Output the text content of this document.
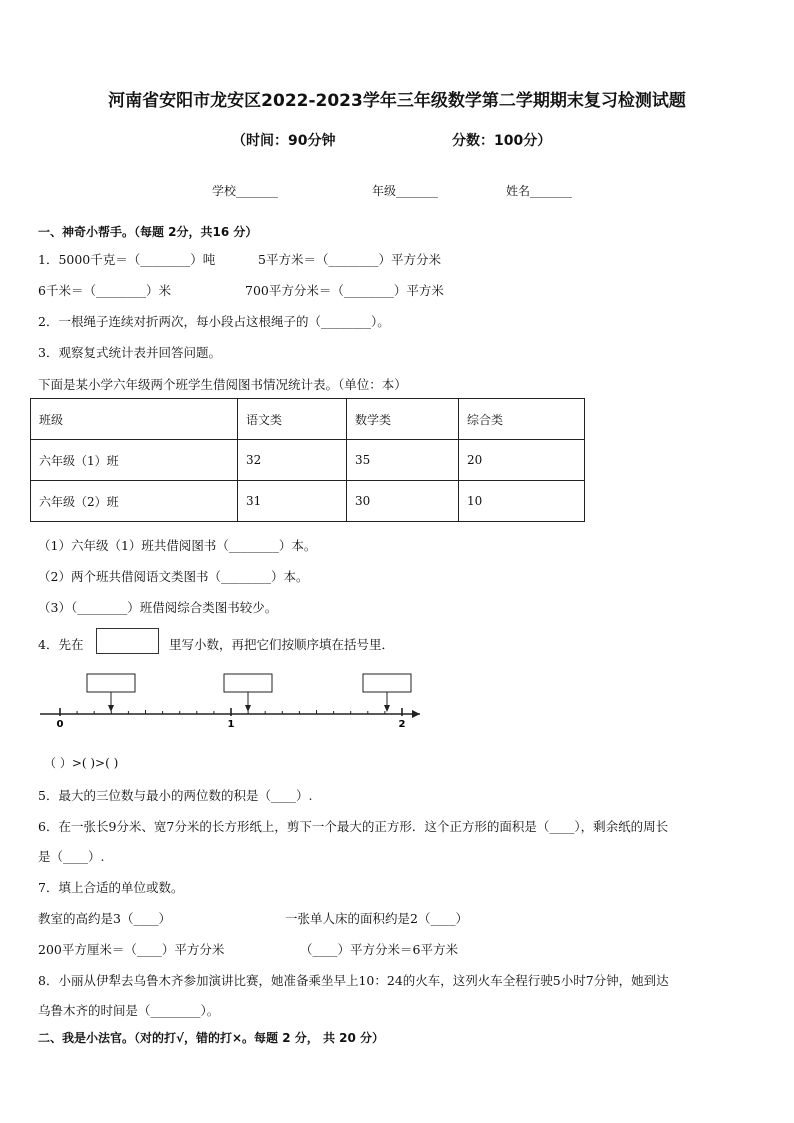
河南省安阳市龙安区2022-2023学年三年级数学第二学期期末复习检测试题
（时间：90分钟	分数：100分）
学校_______	年级_______	姓名_______
一、神奇小帮手。（每题 2分，共16 分）
1．5000千克＝（________）吨	5平方米＝（________）平方分米
6千米＝（________）米	700平方分米＝（________）平方米
2．一根绳子连续对折两次，每小段占这根绳子的（________）。
3．观察复式统计表并回答问题。
下面是某小学六年级两个班学生借阅图书情况统计表。（单位：本）
班级	语文类	数学类	综合类
六年级（1）班	32	35	20
六年级（2）班	31	30	10
（1）六年级（1）班共借阅图书（________）本。
（2）两个班共借阅语文类图书（________）本。
（3）（________）班借阅综合类图书较少。
4．先在	里写小数，再把它们按顺序填在括号里．
0	1	2
（ ）>( )>( )
5．最大的三位数与最小的两位数的积是（____）.
6．在一张长9分米、宽7分米的长方形纸上，剪下一个最大的正方形．这个正方形的面积是（____），剩余纸的周长
是（____）.
7．填上合适的单位或数。
教室的高约是3（____）	一张单人床的面积约是2（____）
200平方厘米＝（____）平方分米	（____）平方分米＝6平方米
8．小丽从伊犁去乌鲁木齐参加演讲比赛，她准备乘坐早上10：24的火车，这列火车全程行驶5小时7分钟，她到达
乌鲁木齐的时间是（________）。
二、我是小法官。（对的打√，错的打×。每题 2 分， 共 20 分）
